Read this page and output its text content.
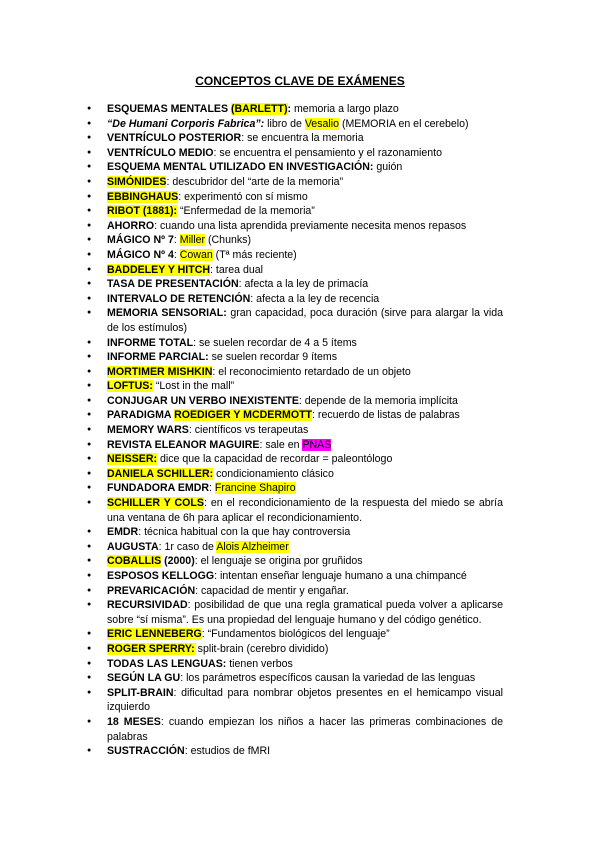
CONCEPTOS CLAVE DE EXÁMENES
● ESQUEMAS MENTALES (BARLETT): memoria a largo plazo
● “De Humani Corporis Fabrica”: libro de Vesalio (MEMORIA en el cerebelo)
● VENTRÍCULO POSTERIOR: se encuentra la memoria
● VENTRÍCULO MEDIO: se encuentra el pensamiento y el razonamiento
● ESQUEMA MENTAL UTILIZADO EN INVESTIGACIÓN: guión
● SIMÓNIDES: descubridor del “arte de la memoria”
● EBBINGHAUS: experimentó con sí mismo
● RIBOT (1881): “Enfermedad de la memoria”
● AHORRO: cuando una lista aprendida previamente necesita menos repasos
● MÁGICO Nº 7: Miller (Chunks)
● MÁGICO Nº 4: Cowan (Tª más reciente)
● BADDELEY Y HITCH: tarea dual
● TASA DE PRESENTACIÓN: afecta a la ley de primacía
● INTERVALO DE RETENCIÓN: afecta a la ley de recencia
● MEMORIA SENSORIAL: gran capacidad, poca duración (sirve para alargar la vida de los estímulos)
● INFORME TOTAL: se suelen recordar de 4 a 5 ítems
● INFORME PARCIAL: se suelen recordar 9 ítems
● MORTIMER MISHKIN: el reconocimiento retardado de un objeto
● LOFTUS: “Lost in the mall”
● CONJUGAR UN VERBO INEXISTENTE: depende de la memoria implícita
● PARADIGMA ROEDIGER Y MCDERMOTT: recuerdo de listas de palabras
● MEMORY WARS: científicos vs terapeutas
● REVISTA ELEANOR MAGUIRE: sale en PNAS
● NEISSER: dice que la capacidad de recordar = paleontólogo
● DANIELA SCHILLER: condicionamiento clásico
● FUNDADORA EMDR: Francine Shapiro
● SCHILLER Y COLS: en el recondicionamiento de la respuesta del miedo se abría una ventana de 6h para aplicar el recondicionamiento.
● EMDR: técnica habitual con la que hay controversia
● AUGUSTA: 1r caso de Alois Alzheimer
● COBALLIS (2000): el lenguaje se origina por gruñidos
● ESPOSOS KELLOGG: intentan enseñar lenguaje humano a una chimpancé
● PREVARICACIÓN: capacidad de mentir y engañar.
● RECURSIVIDAD: posibilidad de que una regla gramatical pueda volver a aplicarse sobre “sí misma”. Es una propiedad del lenguaje humano y del código genético.
● ERIC LENNEBERG: “Fundamentos biológicos del lenguaje”
● ROGER SPERRY: split-brain (cerebro dividido)
● TODAS LAS LENGUAS: tienen verbos
● SEGÚN LA GU: los parámetros específicos causan la variedad de las lenguas
● SPLIT-BRAIN: dificultad para nombrar objetos presentes en el hemicampo visual izquierdo
● 18 MESES: cuando empiezan los niños a hacer las primeras combinaciones de palabras
● SUSTRACCIÓN: estudios de fMRI
